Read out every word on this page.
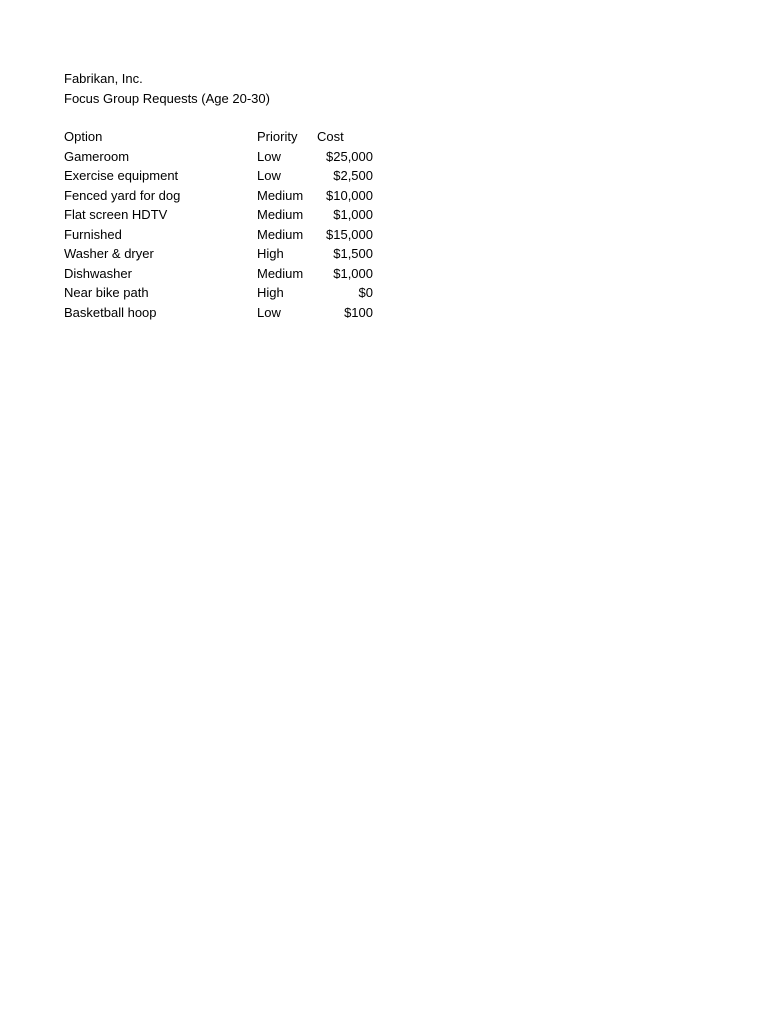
Fabrikan, Inc.
Focus Group Requests (Age 20-30)
Option	Priority Cost
Gameroom	Low	$25,000
Exercise equipment	Low	$2,500
Fenced yard for dog	Medium	$10,000
Flat screen HDTV	Medium	$1,000
Furnished	Medium	$15,000
Washer & dryer	High	$1,500
Dishwasher	Medium	$1,000
Near bike path	High	$0
Basketball hoop	Low	$100
